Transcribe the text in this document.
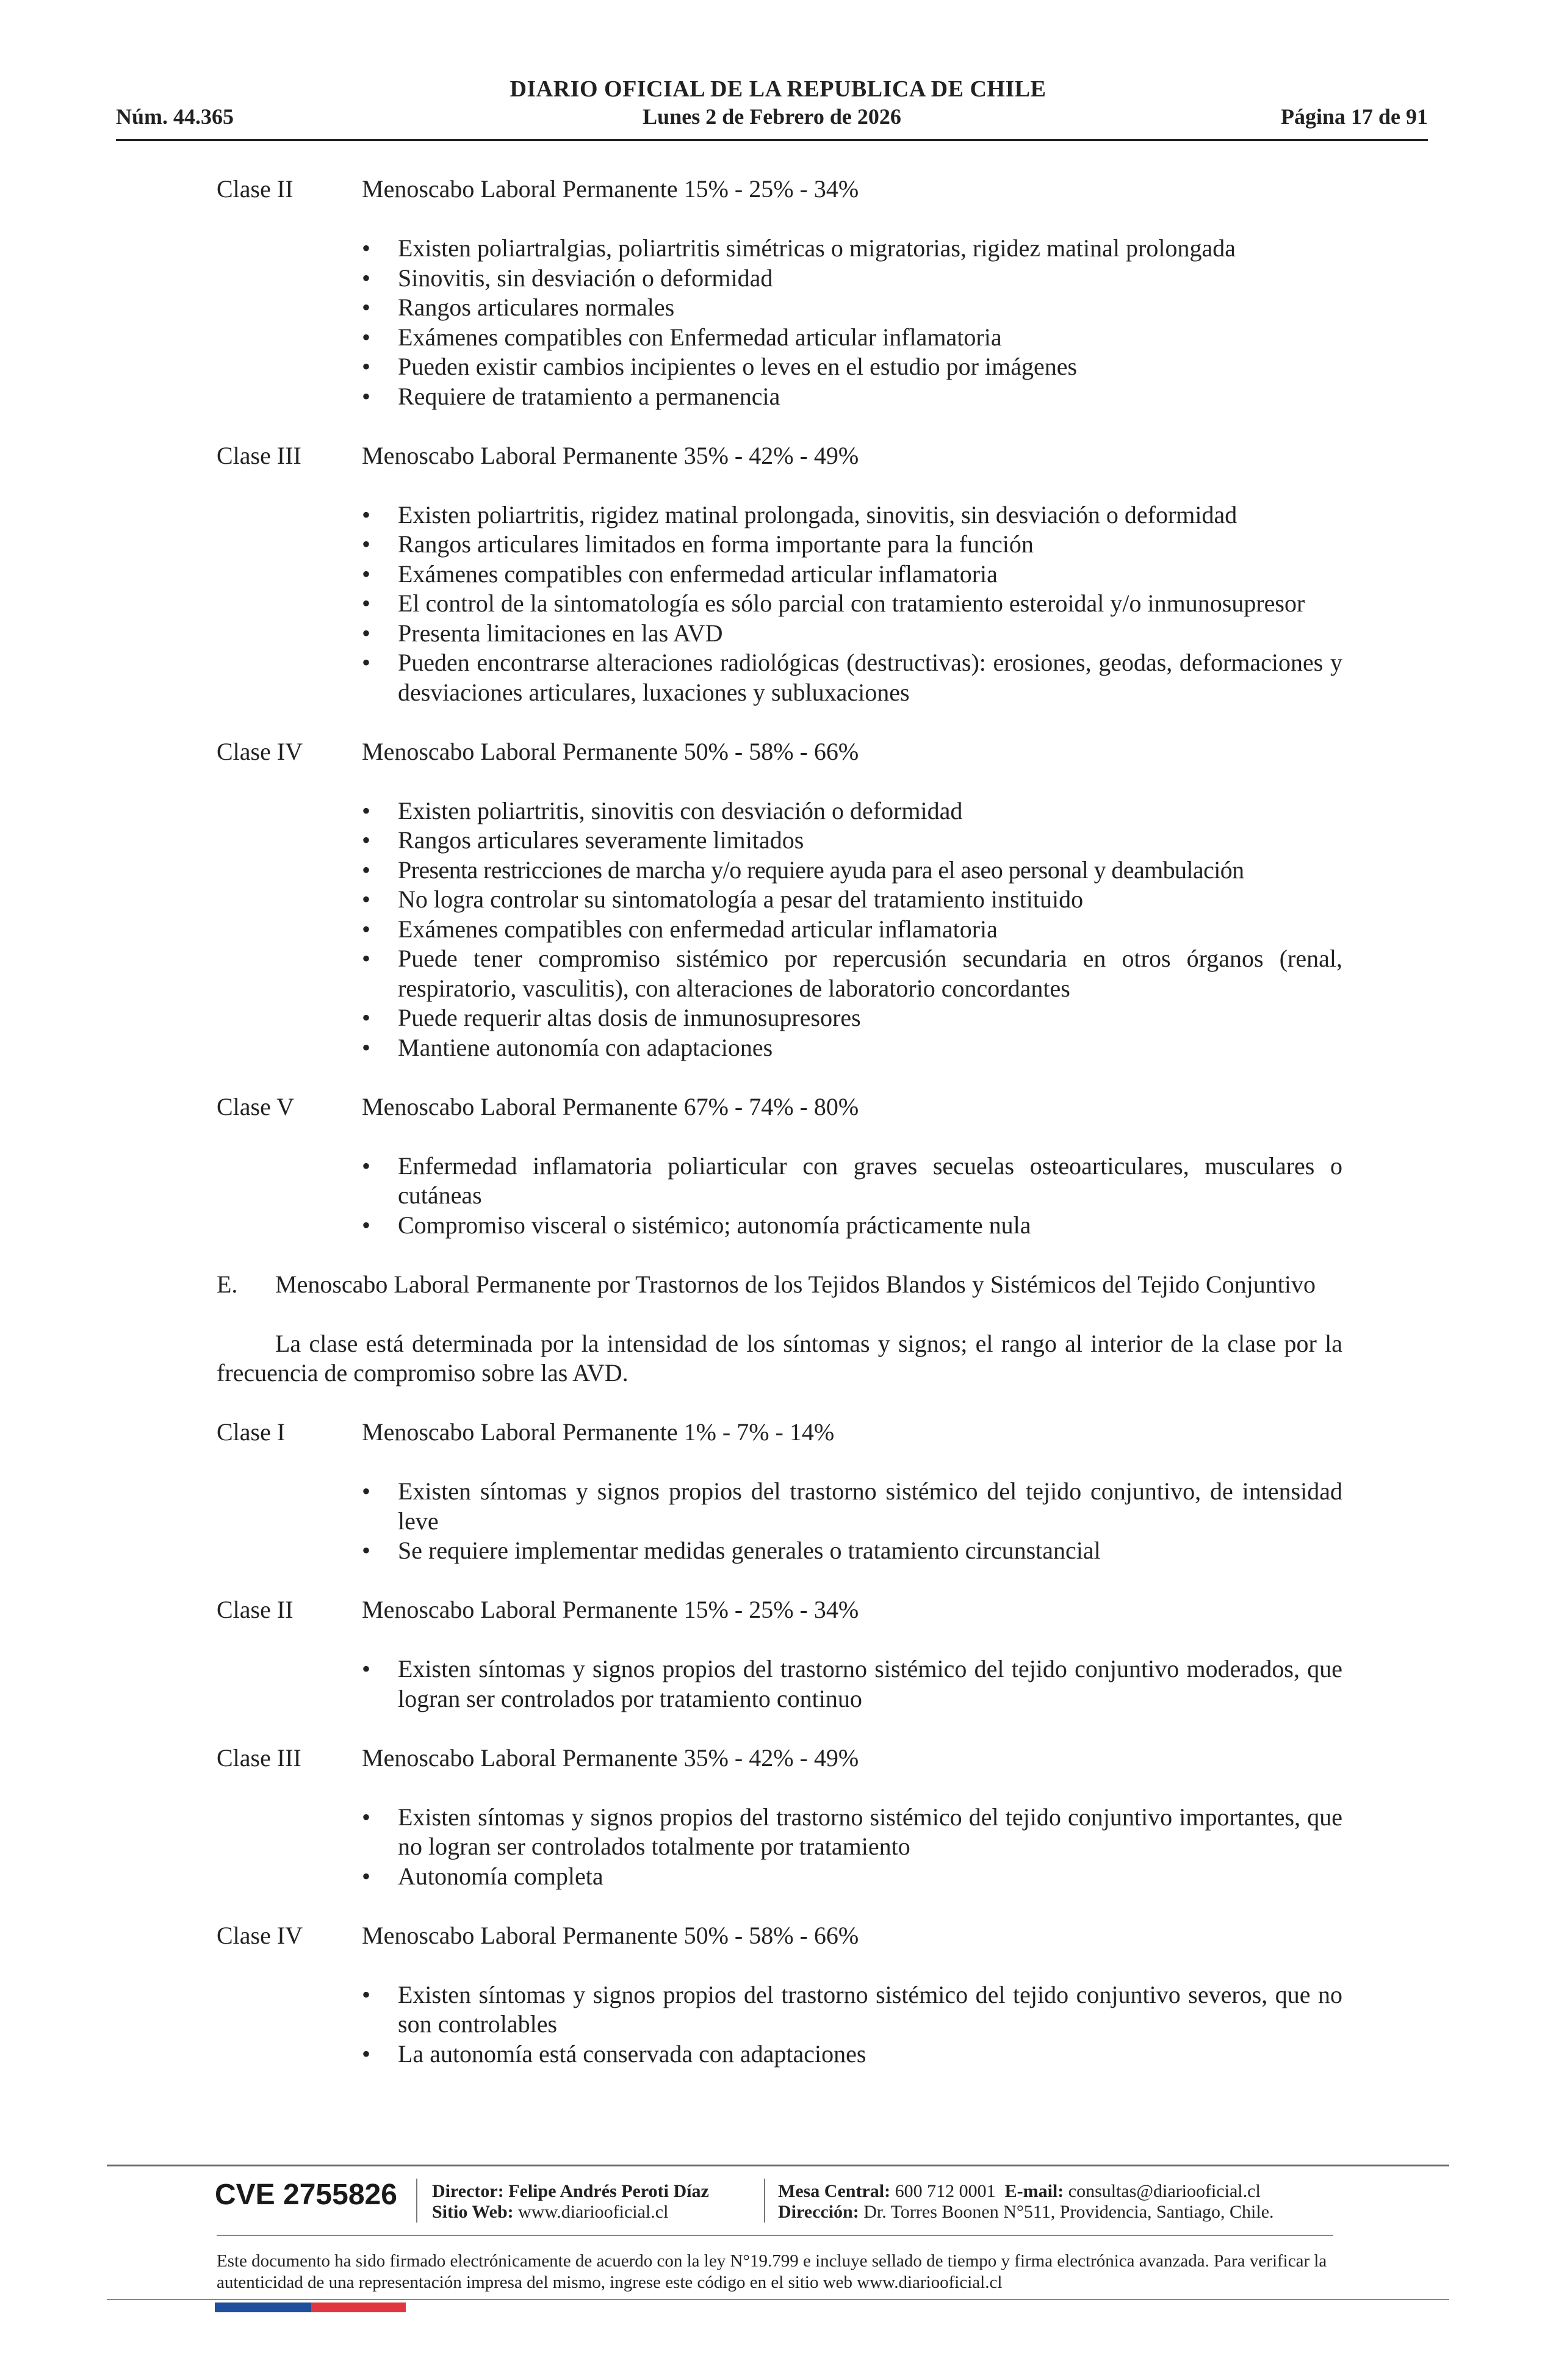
DIARIO OFICIAL DE LA REPUBLICA DE CHILE
Núm. 44.365	Lunes 2 de Febrero de 2026	Página 17 de 91
Clase II	Menoscabo Laboral Permanente 15% - 25% - 34%
• Existen poliartralgias, poliartritis simétricas o migratorias, rigidez matinal prolongada
• Sinovitis, sin desviación o deformidad
• Rangos articulares normales
• Exámenes compatibles con Enfermedad articular inflamatoria
• Pueden existir cambios incipientes o leves en el estudio por imágenes
• Requiere de tratamiento a permanencia
Clase III Menoscabo Laboral Permanente 35% - 42% - 49%
• Existen poliartritis, rigidez matinal prolongada, sinovitis, sin desviación o deformidad
• Rangos articulares limitados en forma importante para la función
• Exámenes compatibles con enfermedad articular inflamatoria
• El control de la sintomatología es sólo parcial con tratamiento esteroidal y/o inmunosupresor
• Presenta limitaciones en las AVD
• Pueden encontrarse alteraciones radiológicas (destructivas): erosiones, geodas, deformaciones y desviaciones articulares, luxaciones y subluxaciones
Clase IV Menoscabo Laboral Permanente 50% - 58% - 66%
• Existen poliartritis, sinovitis con desviación o deformidad
• Rangos articulares severamente limitados
• Presenta restricciones de marcha y/o requiere ayuda para el aseo personal y deambulación
• No logra controlar su sintomatología a pesar del tratamiento instituido
• Exámenes compatibles con enfermedad articular inflamatoria
• Puede tener compromiso sistémico por repercusión secundaria en otros órganos (renal, respiratorio, vasculitis), con alteraciones de laboratorio concordantes
• Puede requerir altas dosis de inmunosupresores
• Mantiene autonomía con adaptaciones
Clase V	Menoscabo Laboral Permanente 67% - 74% - 80%
• Enfermedad inflamatoria poliarticular con graves secuelas osteoarticulares, musculares o cutáneas
• Compromiso visceral o sistémico; autonomía prácticamente nula
E.	Menoscabo Laboral Permanente por Trastornos de los Tejidos Blandos y Sistémicos del Tejido Conjuntivo
La clase está determinada por la intensidad de los síntomas y signos; el rango al interior de la clase por la frecuencia de compromiso sobre las AVD.
Clase I	Menoscabo Laboral Permanente 1% - 7% - 14%
• Existen síntomas y signos propios del trastorno sistémico del tejido conjuntivo, de intensidad leve
• Se requiere implementar medidas generales o tratamiento circunstancial
Clase II	Menoscabo Laboral Permanente 15% - 25% - 34%
• Existen síntomas y signos propios del trastorno sistémico del tejido conjuntivo moderados, que logran ser controlados por tratamiento continuo
Clase III Menoscabo Laboral Permanente 35% - 42% - 49%
• Existen síntomas y signos propios del trastorno sistémico del tejido conjuntivo importantes, que no logran ser controlados totalmente por tratamiento
• Autonomía completa
Clase IV Menoscabo Laboral Permanente 50% - 58% - 66%
• Existen síntomas y signos propios del trastorno sistémico del tejido conjuntivo severos, que no son controlables
• La autonomía está conservada con adaptaciones
CVE 2755826 Director: Felipe Andrés Peroti Díaz
Sitio Web: www.diariooficial.cl
Mesa Central: 600 712 0001 E-mail: consultas@diariooficial.cl
Dirección: Dr. Torres Boonen N°511, Providencia, Santiago, Chile.
Este documento ha sido firmado electrónicamente de acuerdo con la ley N°19.799 e incluye sellado de tiempo y firma electrónica avanzada. Para verificar la autenticidad de una representación impresa del mismo, ingrese este código en el sitio web www.diariooficial.cl
